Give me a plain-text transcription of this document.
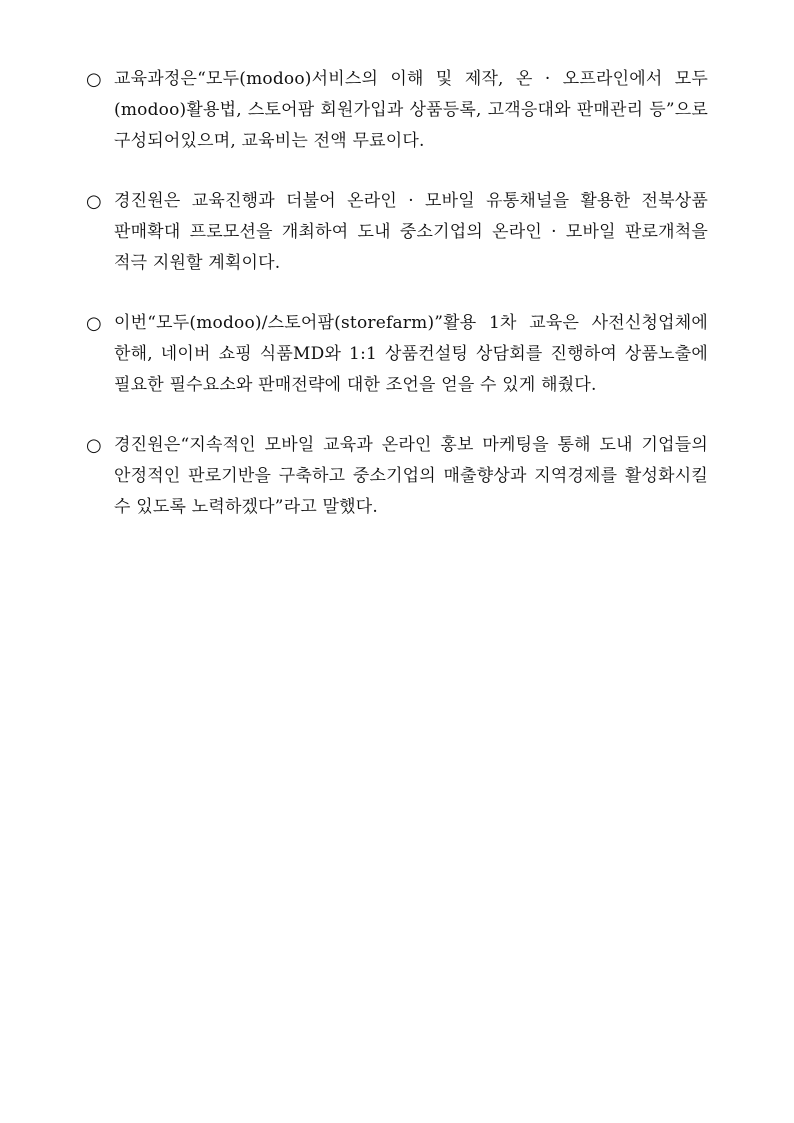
○ 교육과정은“모두(modoo)서비스의 이해 및 제작, 온 · 오프라인에서 모두(modoo)활용법, 스토어팜 회원가입과 상품등록, 고객응대와 판매관리 등”으로 구성되어있으며, 교육비는 전액 무료이다.

○ 경진원은 교육진행과 더불어 온라인 · 모바일 유통채널을 활용한 전북상품 판매확대 프로모션을 개최하여 도내 중소기업의 온라인 · 모바일 판로개척을 적극 지원할 계획이다.

○ 이번“모두(modoo)/스토어팜(storefarm)”활용 1차 교육은 사전신청업체에 한해, 네이버 쇼핑 식품MD와 1:1 상품컨설팅 상담회를 진행하여 상품노출에 필요한 필수요소와 판매전략에 대한 조언을 얻을 수 있게 해줬다.

○ 경진원은“지속적인 모바일 교육과 온라인 홍보 마케팅을 통해 도내 기업들의 안정적인 판로기반을 구축하고 중소기업의 매출향상과 지역경제를 활성화시킬 수 있도록 노력하겠다”라고 말했다.
